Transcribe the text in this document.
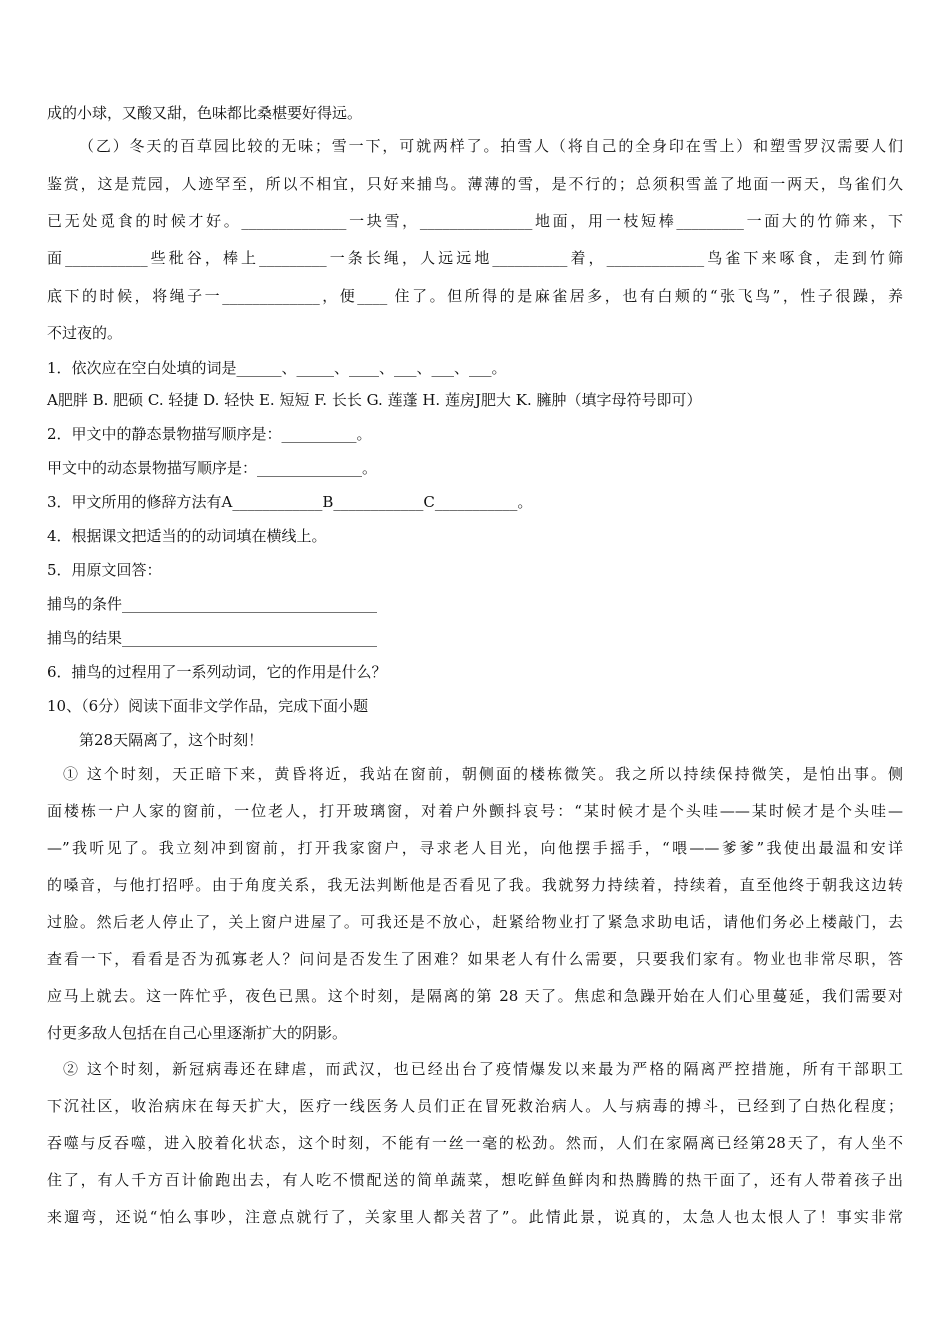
成的小球，又酸又甜，色味都比桑椹要好得远。
（乙）冬天的百草园比较的无味；雪一下，可就两样了。拍雪人（将自己的全身印在雪上）和塑雪罗汉需要人们
鉴赏，这是荒园，人迹罕至，所以不相宜，只好来捕鸟。薄薄的雪，是不行的；总须积雪盖了地面一两天，鸟雀们久
已无处觅食的时候才好。______________一块雪，_______________地面，用一枝短棒_________一面大的竹筛来，下
面___________些秕谷，棒上_________一条长绳，人远远地__________着，_____________鸟雀下来啄食，走到竹筛
底下的时候，将绳子一_____________，便____ 住了。但所得的是麻雀居多，也有白颊的“张飞鸟”，性子很躁，养
不过夜的。
1．依次应在空白处填的词是______、_____、____、___、___、___。
A肥胖 B. 肥硕 C. 轻捷 D. 轻快 E. 短短 F. 长长 G. 莲蓬 H. 莲房J肥大 K. 臃肿（填字母符号即可）
2．甲文中的静态景物描写顺序是：__________。
甲文中的动态景物描写顺序是：______________。
3．甲文所用的修辞方法有A____________B____________C___________。
4．根据课文把适当的的动词填在横线上。
5．用原文回答：
捕鸟的条件__________________________________
捕鸟的结果__________________________________
6．捕鸟的过程用了一系列动词，它的作用是什么？
10、（6分）阅读下面非文学作品，完成下面小题
第28天隔离了，这个时刻！
① 这个时刻，天正暗下来，黄昏将近，我站在窗前，朝侧面的楼栋微笑。我之所以持续保持微笑，是怕出事。侧
面楼栋一户人家的窗前，一位老人，打开玻璃窗，对着户外颤抖哀号：“某时候才是个头哇——某时候才是个头哇—
—”我听见了。我立刻冲到窗前，打开我家窗户，寻求老人目光，向他摆手摇手，“喂——爹爹”我使出最温和安详
的嗓音，与他打招呼。由于角度关系，我无法判断他是否看见了我。我就努力持续着，持续着，直至他终于朝我这边转
过脸。然后老人停止了，关上窗户进屋了。可我还是不放心，赶紧给物业打了紧急求助电话，请他们务必上楼敲门，去
查看一下，看看是否为孤寡老人？问问是否发生了困难？如果老人有什么需要，只要我们家有。物业也非常尽职，答
应马上就去。这一阵忙乎，夜色已黑。这个时刻，是隔离的第 28 天了。焦虑和急躁开始在人们心里蔓延，我们需要对
付更多敌人包括在自己心里逐渐扩大的阴影。
② 这个时刻，新冠病毒还在肆虐，而武汉，也已经出台了疫情爆发以来最为严格的隔离严控措施，所有干部职工
下沉社区，收治病床在每天扩大，医疗一线医务人员们正在冒死救治病人。人与病毒的搏斗，已经到了白热化程度；
吞噬与反吞噬，进入胶着化状态，这个时刻，不能有一丝一毫的松劲。然而，人们在家隔离已经第28天了，有人坐不
住了，有人千方百计偷跑出去，有人吃不惯配送的简单蔬菜，想吃鲜鱼鲜肉和热腾腾的热干面了，还有人带着孩子出
来遛弯，还说“怕么事吵，注意点就行了，关家里人都关苕了”。此情此景，说真的，太急人也太恨人了！事实非常
